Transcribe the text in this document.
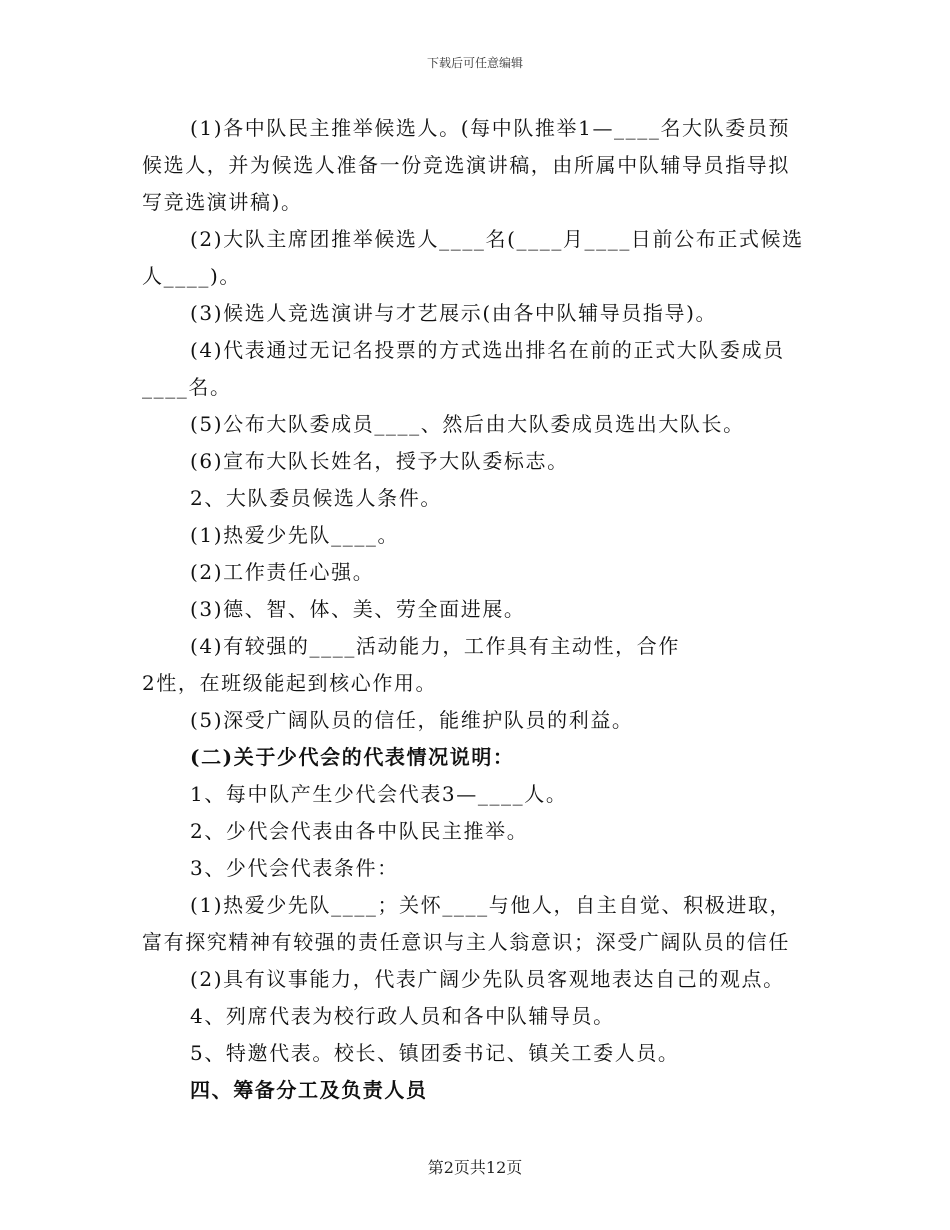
下载后可任意编辑

(1)各中队民主推举候选人。(每中队推举1—____名大队委员预候选人，并为候选人准备一份竞选演讲稿，由所属中队辅导员指导拟写竞选演讲稿)。

(2)大队主席团推举候选人____名(____月____日前公布正式候选人____)。

(3)候选人竞选演讲与才艺展示(由各中队辅导员指导)。

(4)代表通过无记名投票的方式选出排名在前的正式大队委成员____名。

(5)公布大队委成员____、然后由大队委成员选出大队长。

(6)宣布大队长姓名，授予大队委标志。

2、大队委员候选人条件。

(1)热爱少先队____。

(2)工作责任心强。

(3)德、智、体、美、劳全面进展。

(4)有较强的____活动能力，工作具有主动性，合作

2性，在班级能起到核心作用。

(5)深受广阔队员的信任，能维护队员的利益。

(二)关于少代会的代表情况说明：

1、每中队产生少代会代表3—____人。

2、少代会代表由各中队民主推举。

3、少代会代表条件：

(1)热爱少先队____；关怀____与他人，自主自觉、积极进取，富有探究精神有较强的责任意识与主人翁意识；深受广阔队员的信任

(2)具有议事能力，代表广阔少先队员客观地表达自己的观点。

4、列席代表为校行政人员和各中队辅导员。

5、特邀代表。校长、镇团委书记、镇关工委人员。

四、筹备分工及负责人员

第2页共12页
